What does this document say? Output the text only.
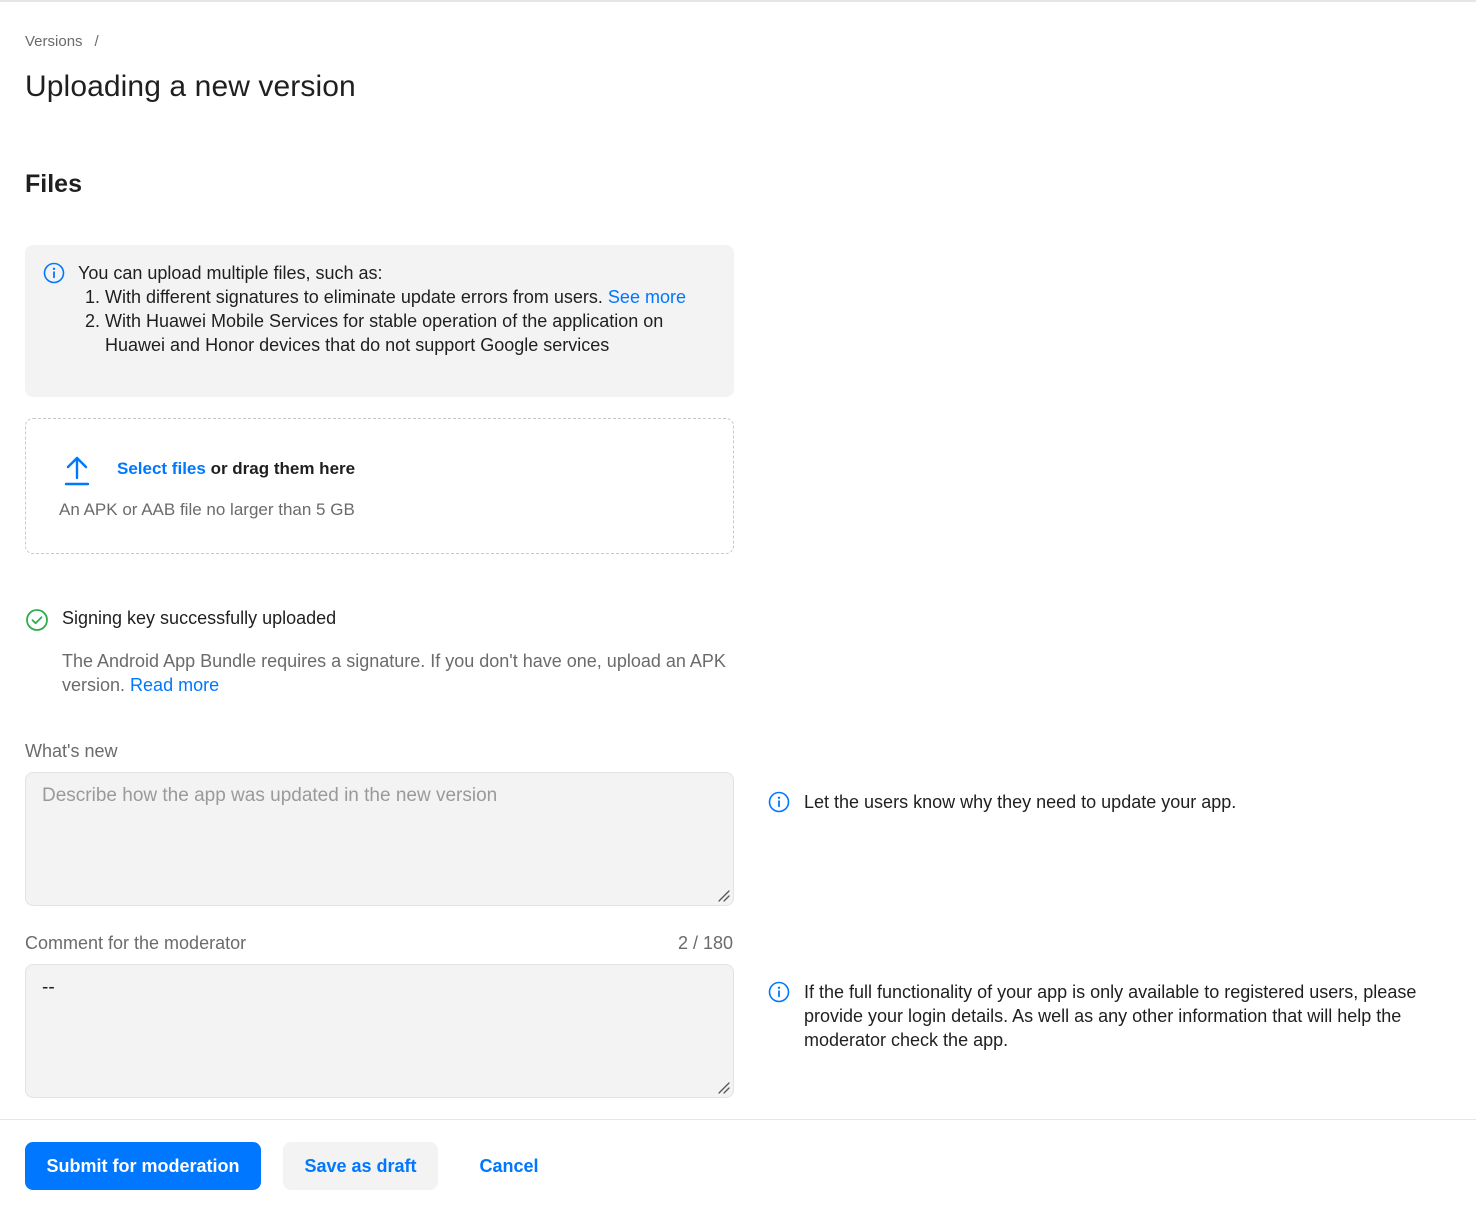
Versions /
Uploading a new version
Files
You can upload multiple files, such as:
1. With different signatures to eliminate update errors from users. See more
2. With Huawei Mobile Services for stable operation of the application on Huawei and Honor devices that do not support Google services
Select files or drag them here
An APK or AAB file no larger than 5 GB
Signing key successfully uploaded
The Android App Bundle requires a signature. If you don't have one, upload an APK version. Read more
What's new
Describe how the app was updated in the new version	Let the users know why they need to update your app.
Comment for the moderator	2 / 180
--	If the full functionality of your app is only available to registered users, please provide your login details. As well as any other information that will help the moderator check the app.
Submit for moderation	Save as draft	Cancel
